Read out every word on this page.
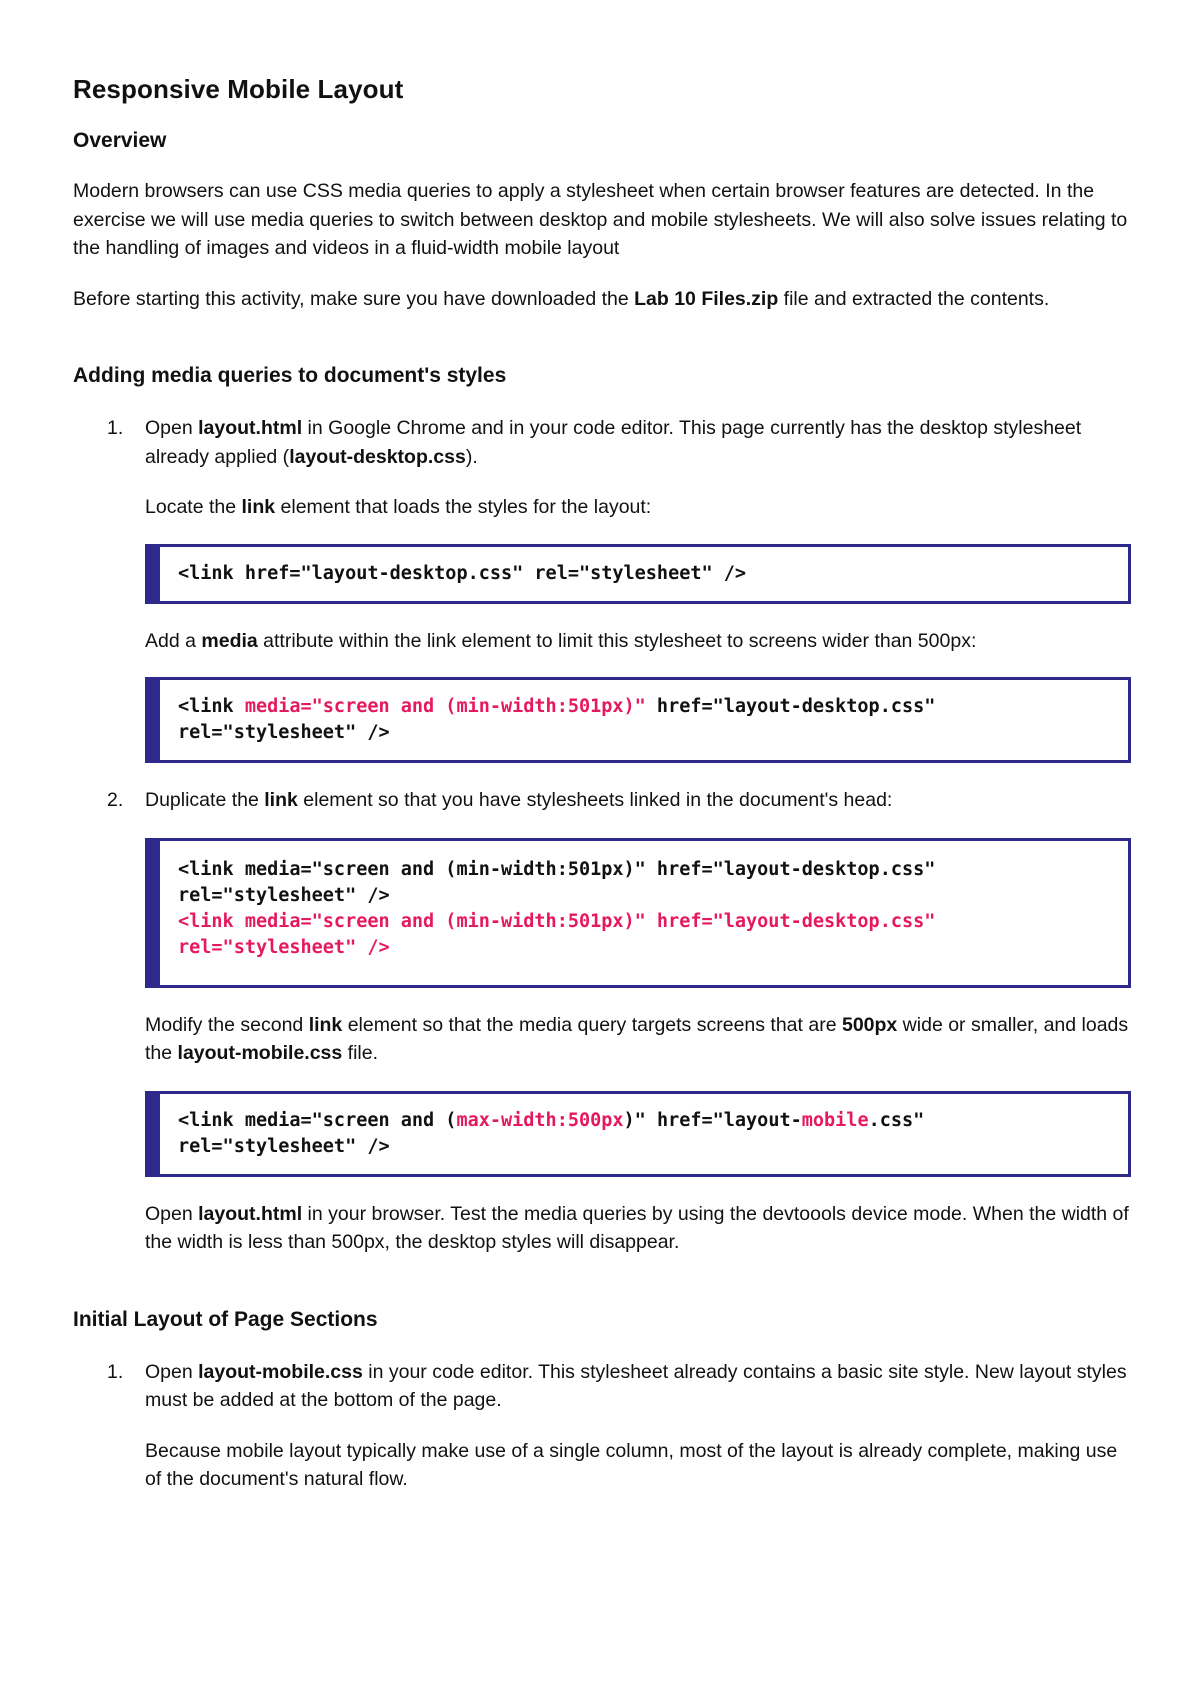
Responsive Mobile Layout
Overview

Modern browsers can use CSS media queries to apply a stylesheet when certain browser features are detected. In the exercise we will use media queries to switch between desktop and mobile stylesheets. We will also solve issues relating to the handling of images and videos in a fluid-width mobile layout

Before starting this activity, make sure you have downloaded the Lab 10 Files.zip file and extracted the contents.

Adding media queries to document's styles
1. Open layout.html in Google Chrome and in your code editor. This page currently has the desktop stylesheet already applied (layout-desktop.css).

Locate the link element that loads the styles for the layout:

<link href="layout-desktop.css" rel="stylesheet" />

Add a media attribute within the link element to limit this stylesheet to screens wider than 500px:

<link media="screen and (min-width:501px)" href="layout-desktop.css"
rel="stylesheet" />
2. Duplicate the link element so that you have stylesheets linked in the document's head:

<link media="screen and (min-width:501px)" href="layout-desktop.css"
rel="stylesheet" />
<link media="screen and (min-width:501px)" href="layout-desktop.css"
rel="stylesheet" />

Modify the second link element so that the media query targets screens that are 500px wide or smaller, and loads the layout-mobile.css file.

<link media="screen and (max-width:500px)" href="layout-mobile.css"
rel="stylesheet" />

Open layout.html in your browser. Test the media queries by using the devtoools device mode. When the width of the width is less than 500px, the desktop styles will disappear.

Initial Layout of Page Sections
1. Open layout-mobile.css in your code editor. This stylesheet already contains a basic site style. New layout styles must be added at the bottom of the page.

Because mobile layout typically make use of a single column, most of the layout is already complete, making use of the document's natural flow.
